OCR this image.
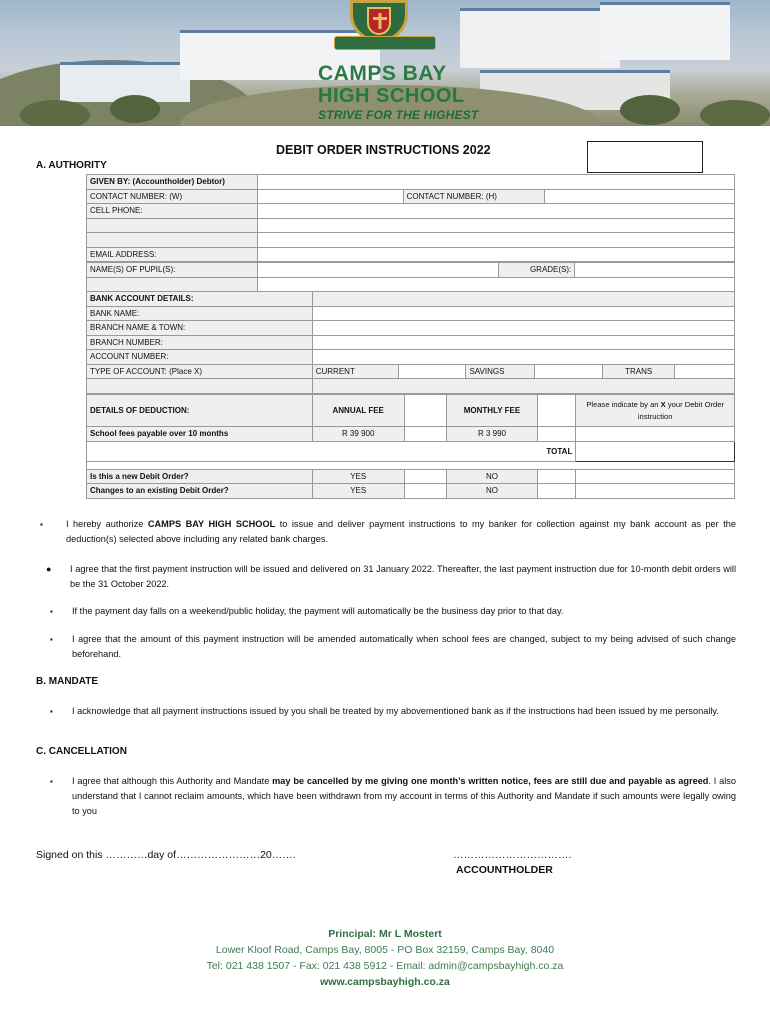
CAMPS BAY
HIGH SCHOOL
STRIVE FOR THE HIGHEST
DEBIT ORDER INSTRUCTIONS 2022
A. AUTHORITY
GIVEN BY: (Accountholder) Debtor)			
CONTACT NUMBER: (W)		CONTACT NUMBER: (H)	
CELL PHONE:			

EMAIL ADDRESS:			
NAME(S) OF PUPIL(S):		GRADE(S):	

BANK ACCOUNT DETAILS:						
BANK NAME:						
BRANCH NAME & TOWN:						
BRANCH NUMBER:						
ACCOUNT NUMBER:						
TYPE OF ACCOUNT: (Place X)	CURRENT		SAVINGS		TRANS	

DETAILS OF DEDUCTION:	ANNUAL FEE		MONTHLY FEE		Please indicate by an X your Debit Order instruction
School fees payable over 10 months	R 39 900		R 3 990		
TOTAL					

Is this a new Debit Order?	YES		NO		
Changes to an existing Debit Order?	YES		NO		
▪	I hereby authorize CAMPS BAY HIGH SCHOOL to issue and deliver payment instructions to my banker for collection against my bank account as per the deduction(s) selected above including any related bank charges.
● I agree that the first payment instruction will be issued and delivered on 31 January 2022. Thereafter, the last payment instruction due for 10-month debit orders will be the 31 October 2022.
▪ If the payment day falls on a weekend/public holiday, the payment will automatically be the business day prior to that day.
▪ I agree that the amount of this payment instruction will be amended automatically when school fees are changed, subject to my being advised of such change beforehand.
B. MANDATE
▪ I acknowledge that all payment instructions issued by you shall be treated by my abovementioned bank as if the instructions had been issued by me personally.
C. CANCELLATION
▪ I agree that although this Authority and Mandate may be cancelled by me giving one month’s written notice, fees are still due and payable as agreed. I also understand that I cannot reclaim amounts, which have been withdrawn from my account in terms of this Authority and Mandate if such amounts were legally owing to you
Signed on this …………day of……………………20…….	…………………………….
ACCOUNTHOLDER
Principal: Mr L Mostert
Lower Kloof Road, Camps Bay, 8005 - PO Box 32159, Camps Bay, 8040
Tel: 021 438 1507 - Fax: 021 438 5912 - Email: admin@campsbayhigh.co.za
www.campsbayhigh.co.za
